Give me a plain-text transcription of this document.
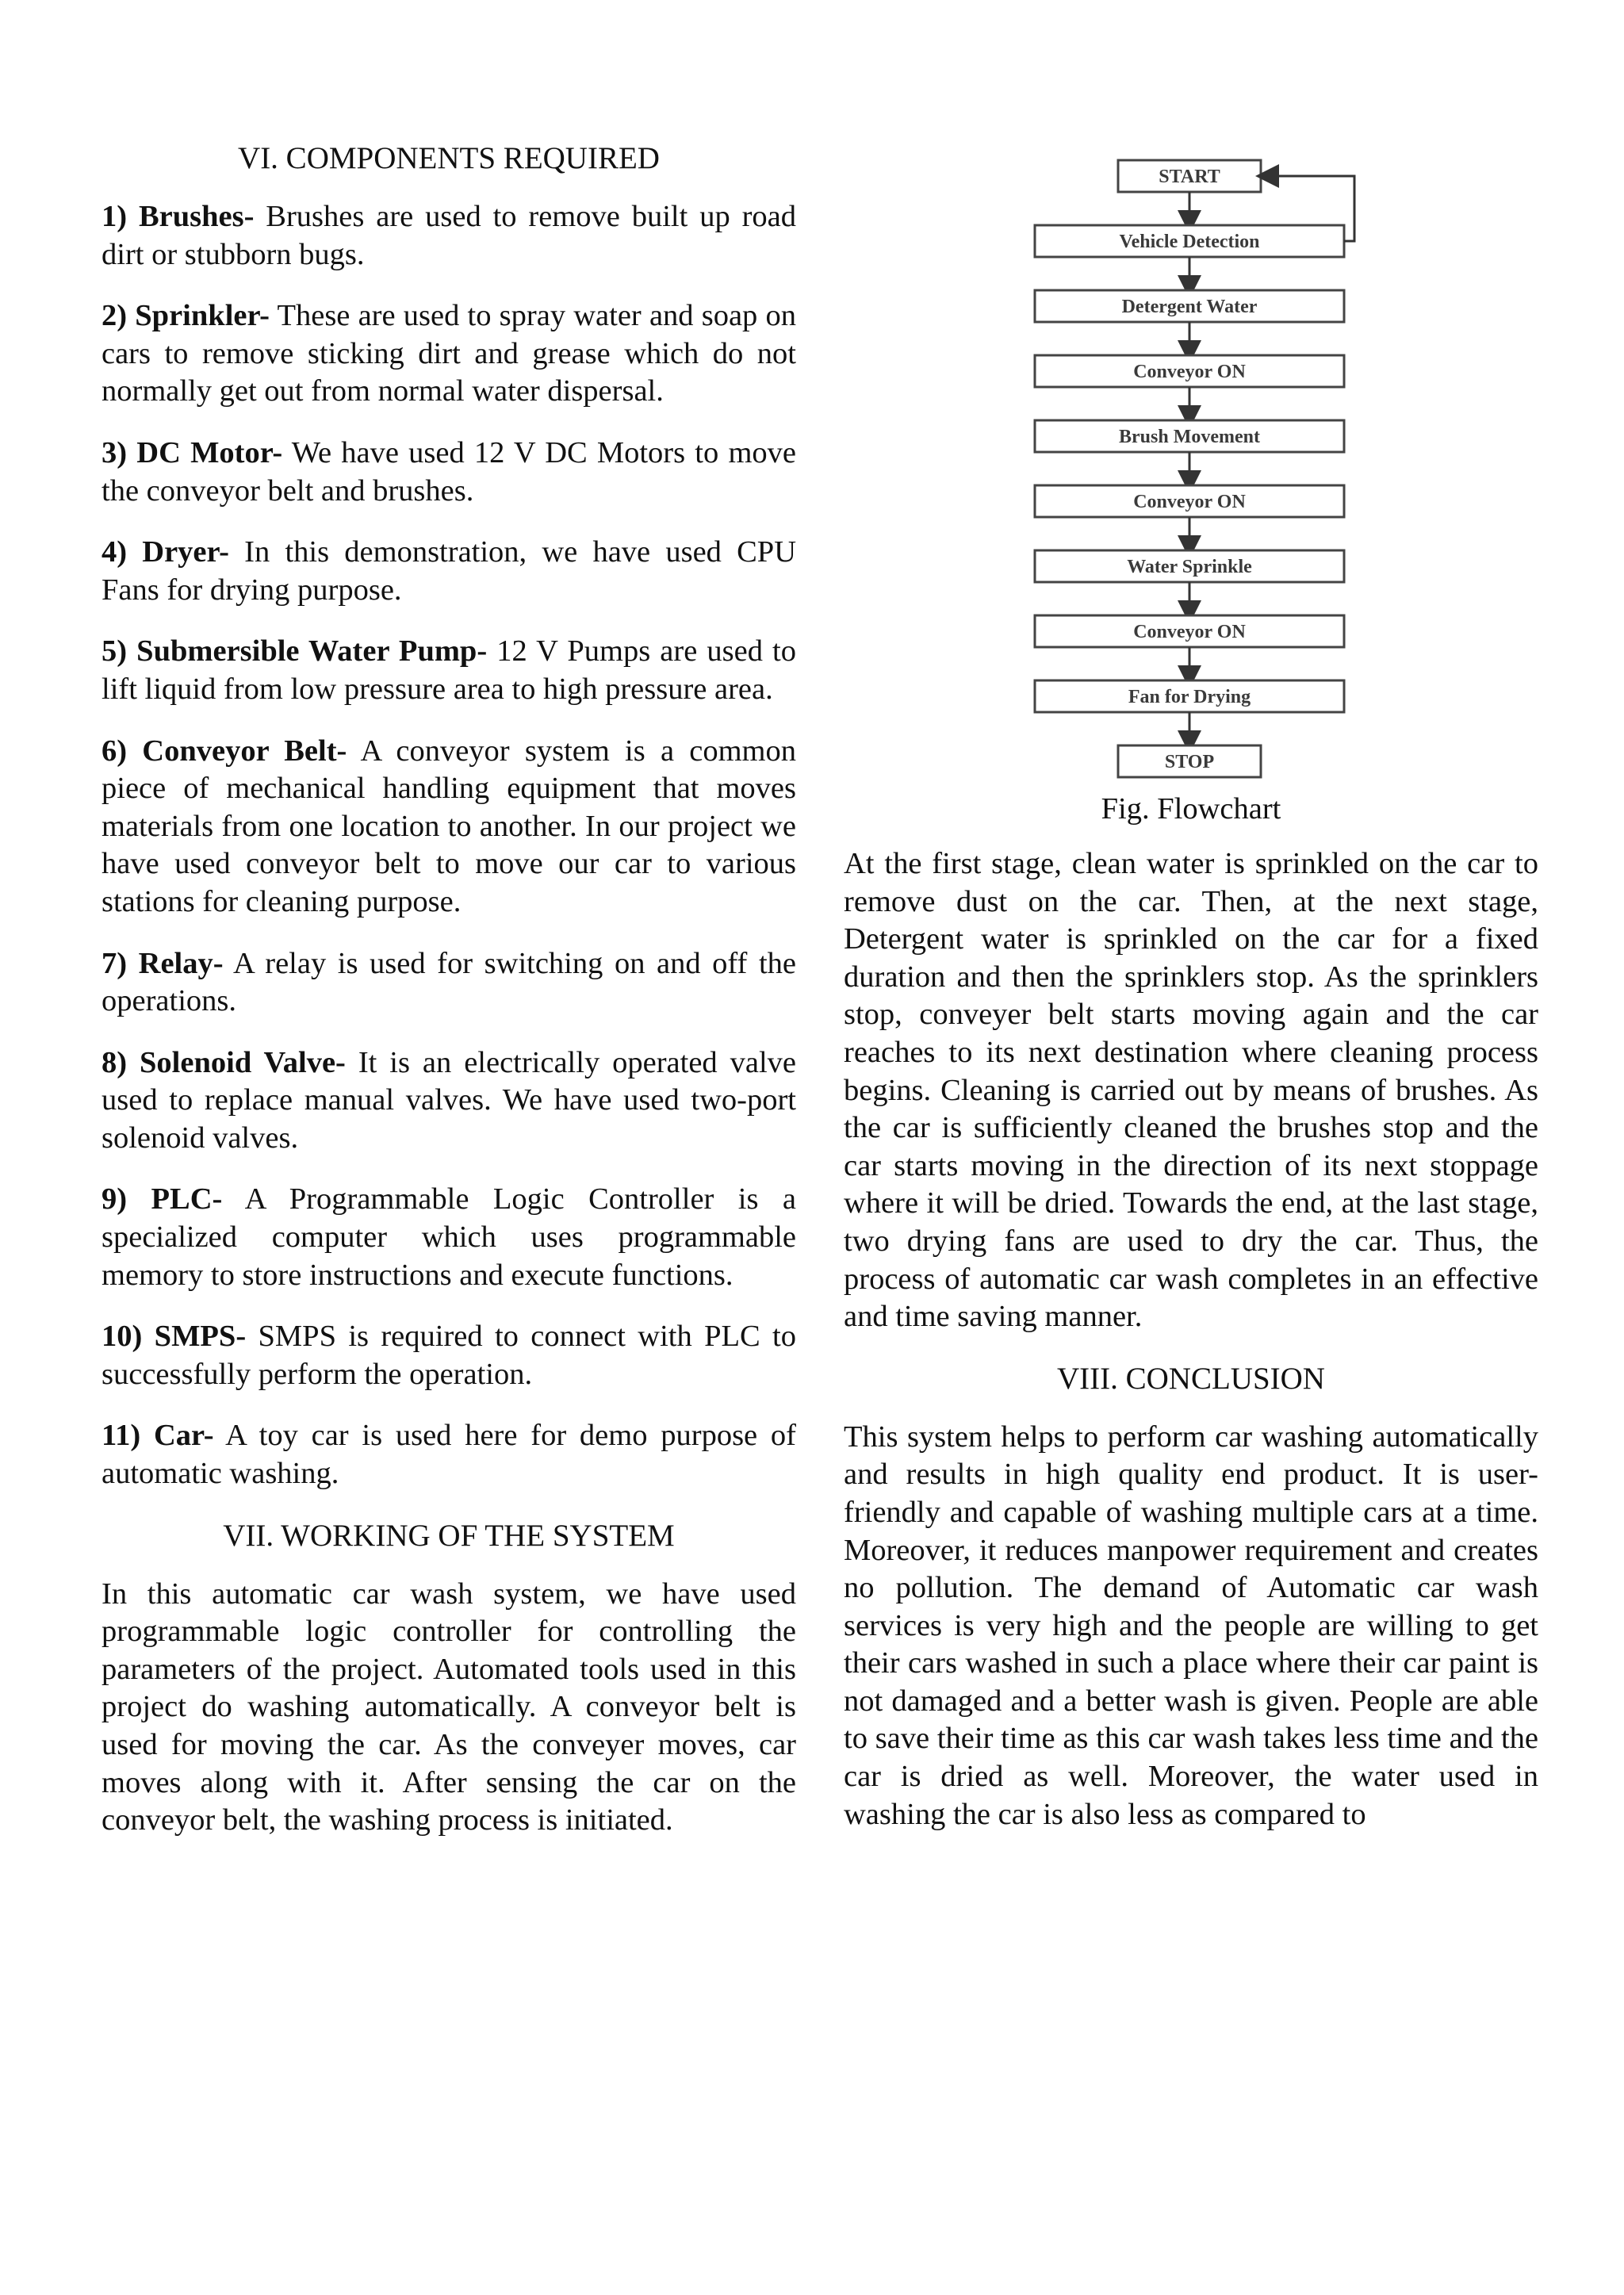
VI. COMPONENTS REQUIRED

1) Brushes- Brushes are used to remove built up road dirt or stubborn bugs.

2) Sprinkler- These are used to spray water and soap on cars to remove sticking dirt and grease which do not normally get out from normal water dispersal.

3) DC Motor- We have used 12 V DC Motors to move the conveyor belt and brushes.

4) Dryer- In this demonstration, we have used CPU Fans for drying purpose.

5) Submersible Water Pump- 12 V Pumps are used to lift liquid from low pressure area to high pressure area.

6) Conveyor Belt- A conveyor system is a common piece of mechanical handling equipment that moves materials from one location to another. In our project we have used conveyor belt to move our car to various stations for cleaning purpose.

7) Relay- A relay is used for switching on and off the operations.

8) Solenoid Valve- It is an electrically operated valve used to replace manual valves. We have used two-port solenoid valves.

9) PLC- A Programmable Logic Controller is a specialized computer which uses programmable memory to store instructions and execute functions.

10) SMPS- SMPS is required to connect with PLC to successfully perform the operation.

11) Car- A toy car is used here for demo purpose of automatic washing.

VII. WORKING OF THE SYSTEM

In this automatic car wash system, we have used programmable logic controller for controlling the parameters of the project. Automated tools used in this project do washing automatically. A conveyor belt is used for moving the car. As the conveyer moves, car moves along with it. After sensing the car on the conveyor belt, the washing process is initiated.

START
Vehicle Detection
Detergent Water
Conveyor ON
Brush Movement
Conveyor ON
Water Sprinkle
Conveyor ON
Fan for Drying
STOP
Fig. Flowchart

At the first stage, clean water is sprinkled on the car to remove dust on the car. Then, at the next stage, Detergent water is sprinkled on the car for a fixed duration and then the sprinklers stop. As the sprinklers stop, conveyer belt starts moving again and the car reaches to its next destination where cleaning process begins. Cleaning is carried out by means of brushes. As the car is sufficiently cleaned the brushes stop and the car starts moving in the direction of its next stoppage where it will be dried. Towards the end, at the last stage, two drying fans are used to dry the car. Thus, the process of automatic car wash completes in an effective and time saving manner.

VIII. CONCLUSION

This system helps to perform car washing automatically and results in high quality end product. It is user-friendly and capable of washing multiple cars at a time. Moreover, it reduces manpower requirement and creates no pollution. The demand of Automatic car wash services is very high and the people are willing to get their cars washed in such a place where their car paint is not damaged and a better wash is given. People are able to save their time as this car wash takes less time and the car is dried as well. Moreover, the water used in washing the car is also less as compared to
